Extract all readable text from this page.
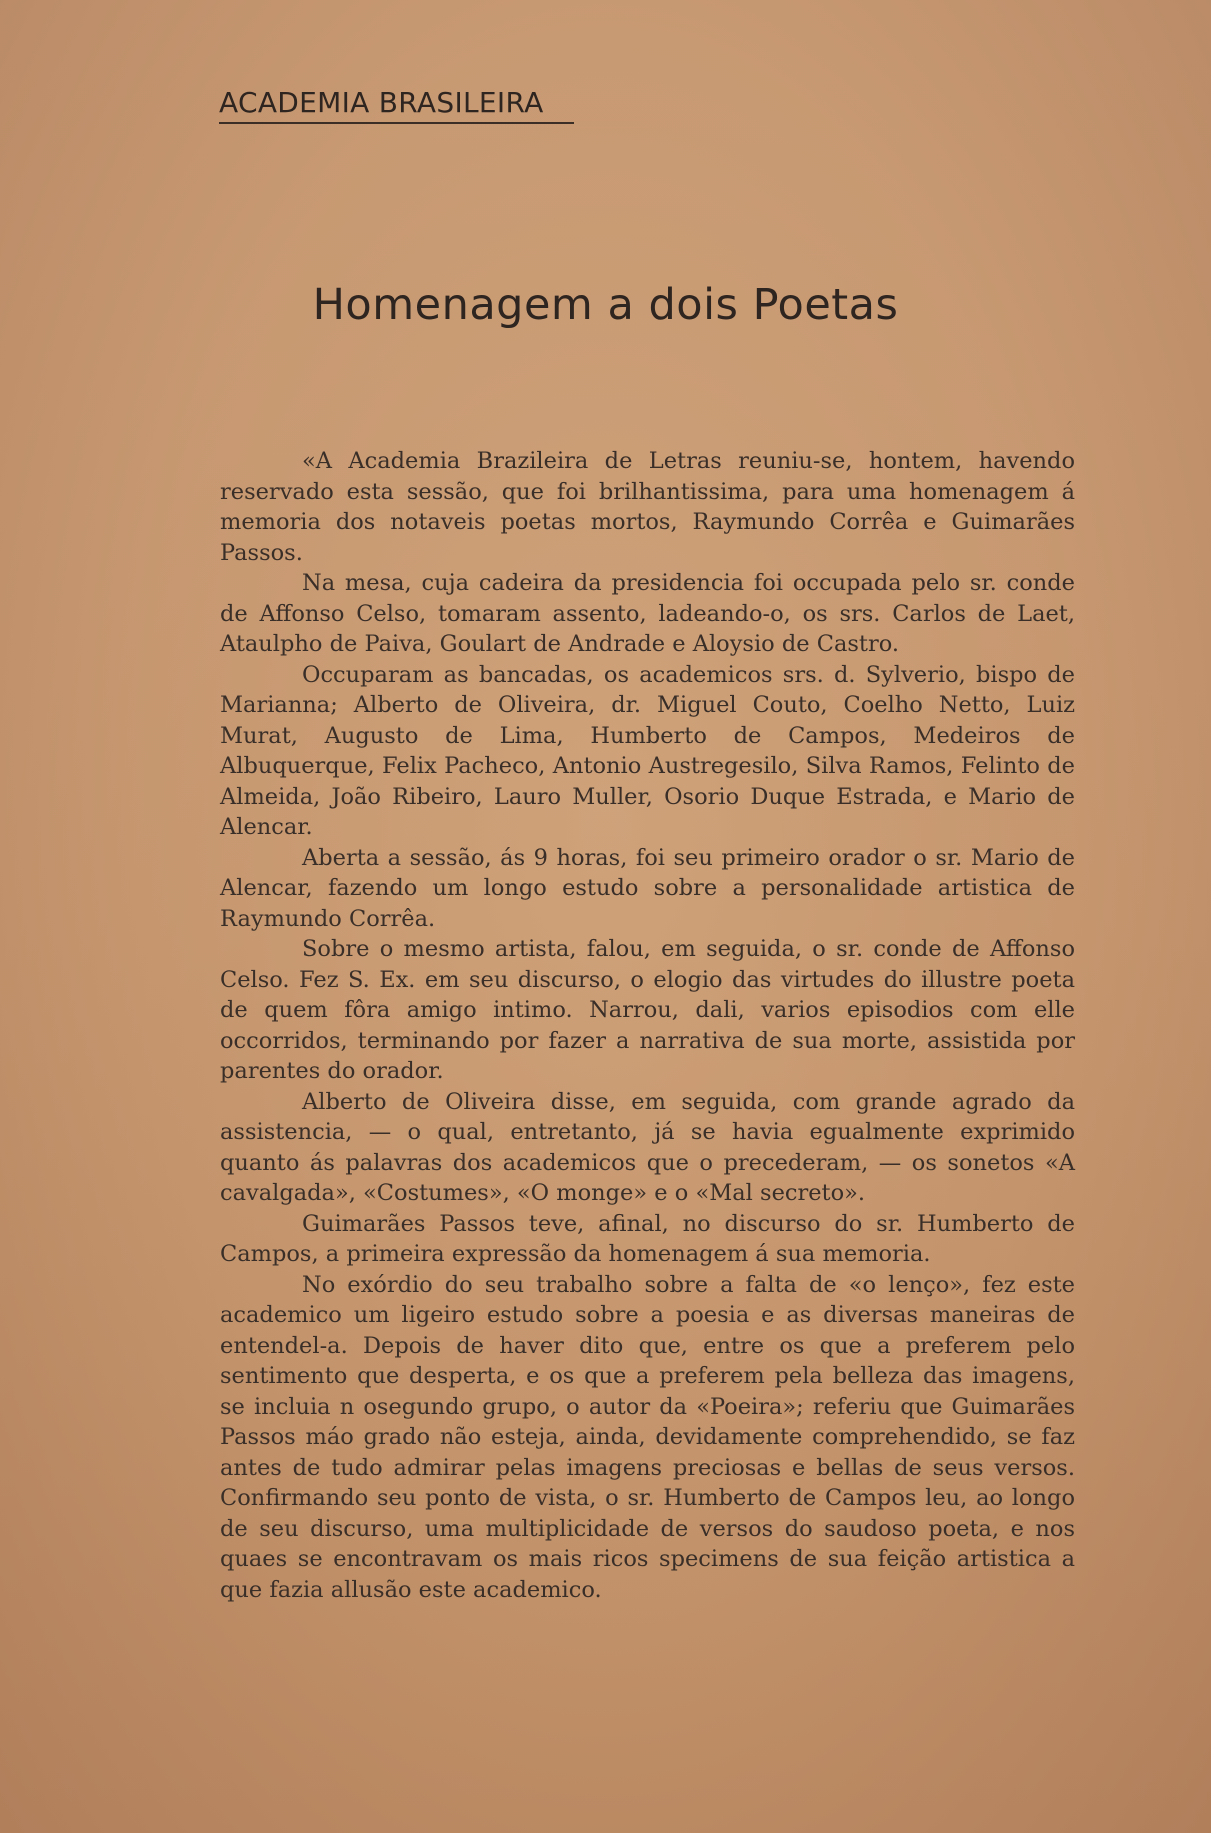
ACADEMIA BRASILEIRA
Homenagem a dois Poetas

«A Academia Brazileira de Letras reuniu-se, hontem, havendo reservado esta sessão, que foi brilhantissima, para uma homenagem á memoria dos notaveis poetas mortos, Raymundo Corrêa e Guimarães Passos.

Na mesa, cuja cadeira da presidencia foi occupada pelo sr. conde de Affonso Celso, tomaram assento, ladeando-o, os srs. Carlos de Laet, Ataulpho de Paiva, Goulart de Andrade e Aloysio de Castro.

Occuparam as bancadas, os academicos srs. d. Sylverio, bispo de Marianna; Alberto de Oliveira, dr. Miguel Couto, Coelho Netto, Luiz Murat, Augusto de Lima, Humberto de Campos, Medeiros de Albuquerque, Felix Pacheco, Antonio Austregesilo, Silva Ramos, Felinto de Almeida, João Ribeiro, Lauro Muller, Osorio Duque Estrada, e Mario de Alencar.

Aberta a sessão, ás 9 horas, foi seu primeiro orador o sr. Mario de Alencar, fazendo um longo estudo sobre a personalidade artistica de Raymundo Corrêa.

Sobre o mesmo artista, falou, em seguida, o sr. conde de Affonso Celso. Fez S. Ex. em seu discurso, o elogio das virtudes do illustre poeta de quem fôra amigo intimo. Narrou, dali, varios episodios com elle occorridos, terminando por fazer a narrativa de sua morte, assistida por parentes do orador.

Alberto de Oliveira disse, em seguida, com grande agrado da assistencia, — o qual, entretanto, já se havia egualmente exprimido quanto ás palavras dos academicos que o precederam, — os sonetos «A cavalgada», «Costumes», «O monge» e o «Mal secreto».

Guimarães Passos teve, afinal, no discurso do sr. Humberto de Campos, a primeira expressão da homenagem á sua memoria.

No exórdio do seu trabalho sobre a falta de «o lenço», fez este academico um ligeiro estudo sobre a poesia e as diversas maneiras de entendel-a. Depois de haver dito que, entre os que a preferem pelo sentimento que desperta, e os que a preferem pela belleza das imagens, se incluia n osegundo grupo, o autor da «Poeira»; referiu que Guimarães Passos máo grado não esteja, ainda, devidamente comprehendido, se faz antes de tudo admirar pelas imagens preciosas e bellas de seus versos. Confirmando seu ponto de vista, o sr. Humberto de Campos leu, ao longo de seu discurso, uma multiplicidade de versos do saudoso poeta, e nos quaes se encontravam os mais ricos specimens de sua feição artistica a que fazia allusão este academico.
